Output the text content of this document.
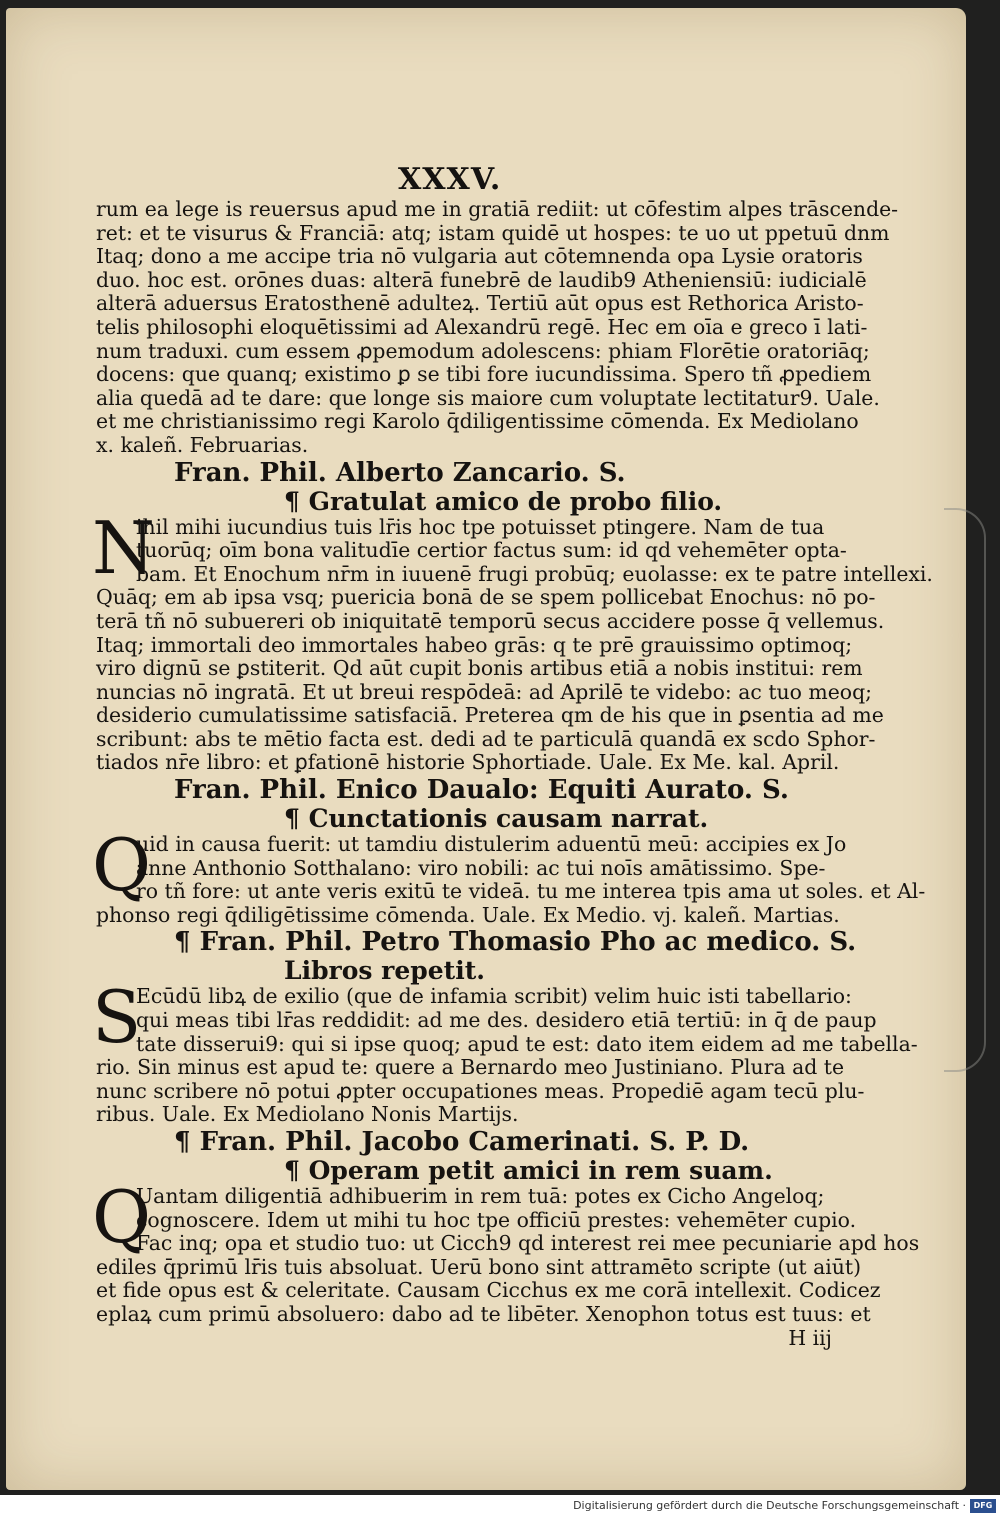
XXXV.
rum ea lege is reuersus apud me in gratiā rediit: ut cōfestim alpes trāscende-
ret: et te visurus & Franciā: atq; istam quidē ut hospes: te uo ut ppetuū dnm
Itaq; dono a me accipe tria nō vulgaria aut cōtemnenda opa Lysie oratoris
duo. hoc est. orōnes duas: alterā funebrē de laudib9 Atheniensiū: iudicialē
alterā aduersus Eratosthenē adulteꝝ. Tertiū aūt opus est Rethorica Aristo-
telis philosophi eloquētissimi ad Alexandrū regē. Hec em oīa e greco ī lati-
num traduxi. cum essem ꝓpemodum adolescens: phiam Florētie oratoriāq;
docens: que quanq; existimo ꝑ se tibi fore iucundissima. Spero tñ ꝓpediem
alia quedā ad te dare: que longe sis maiore cum voluptate lectitatur9. Uale.
et me christianissimo regi Karolo q̄diligentissime cōmenda. Ex Mediolano
x. kaleñ. Februarias.
Fran. Phil. Alberto Zancario. S.
¶ Gratulat amico de probo filio.
N
ihil mihi iucundius tuis lr̄is hoc tpe potuisset ptingere. Nam de tua
tuorūq; oīm bona valitudīe certior factus sum: id qd vehemēter opta-
bam. Et Enochum nr̄m in iuuenē frugi probūq; euolasse: ex te patre intellexi.
Quāq; em ab ipsa vsq; puericia bonā de se spem pollicebat Enochus: nō po-
terā tñ nō subuereri ob iniquitatē temporū secus accidere posse q̄ vellemus.
Itaq; immortali deo immortales habeo grās: q te prē grauissimo optimoq;
viro dignū se ꝑstiterit. Qd aūt cupit bonis artibus etiā a nobis institui: rem
nuncias nō ingratā. Et ut breui respōdeā: ad Aprilē te videbo: ac tuo meoq;
desiderio cumulatissime satisfaciā. Preterea qm de his que in ꝑsentia ad me
scribunt: abs te mētio facta est. dedi ad te particulā quandā ex scdo Sphor-
tiados nr̄e libro: et ꝑfationē historie Sphortiade. Uale. Ex Me. kal. April.
Fran. Phil. Enico Daualo: Equiti Aurato. S.
¶ Cunctationis causam narrat.
Q
uid in causa fuerit: ut tamdiu distulerim aduentū meū: accipies ex Jo
anne Anthonio Sotthalano: viro nobili: ac tui noīs amātissimo. Spe-
ro tñ fore: ut ante veris exitū te videā. tu me interea tpis ama ut soles. et Al-
phonso regi q̄diligētissime cōmenda. Uale. Ex Medio. vj. kaleñ. Martias.
¶ Fran. Phil. Petro Thomasio Pho ac medico. S.
Libros repetit.
S
Ecūdū libꝝ de exilio (que de infamia scribit) velim huic isti tabellario:
qui meas tibi lr̄as reddidit: ad me des. desidero etiā tertiū: in q̄ de paup
tate disserui9: qui si ipse quoq; apud te est: dato item eidem ad me tabella-
rio. Sin minus est apud te: quere a Bernardo meo Justiniano. Plura ad te
nunc scribere nō potui ꝓpter occupationes meas. Propediē agam tecū plu-
ribus. Uale. Ex Mediolano Nonis Martijs.
¶ Fran. Phil. Jacobo Camerinati. S. P. D.
¶ Operam petit amici in rem suam.
Q
Uantam diligentiā adhibuerim in rem tuā: potes ex Cicho Angeloq;
cognoscere. Idem ut mihi tu hoc tpe officiū prestes: vehemēter cupio.
Fac inq; opa et studio tuo: ut Cicch9 qd interest rei mee pecuniarie apd hos
ediles q̄primū lr̄is tuis absoluat. Uerū bono sint attramēto scripte (ut aiūt)
et fide opus est & celeritate. Causam Cicchus ex me corā intellexit. Codicez
eplaꝝ cum primū absoluero: dabo ad te libēter. Xenophon totus est tuus: et
H iij
Digitalisierung gefördert durch die Deutsche Forschungsgemeinschaft · DFG
